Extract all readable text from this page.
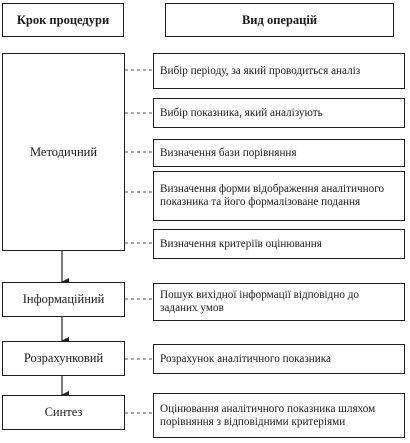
Крок процедури	Вид операцій
Методичний
Інформаційний
Розрахунковий
Синтез
Вибір періоду, за який проводиться аналіз
Вибір показника, який аналізують
Визначення бази порівняння
Визначення форми відображення аналітичного показника та його формалізоване подання
Визначення критеріїв оцінювання
Пошук вихідної інформації відповідно до заданих умов
Розрахунок аналітичного показника
Оцінювання аналітичного показника шляхом порівняння з відповідними критеріями
